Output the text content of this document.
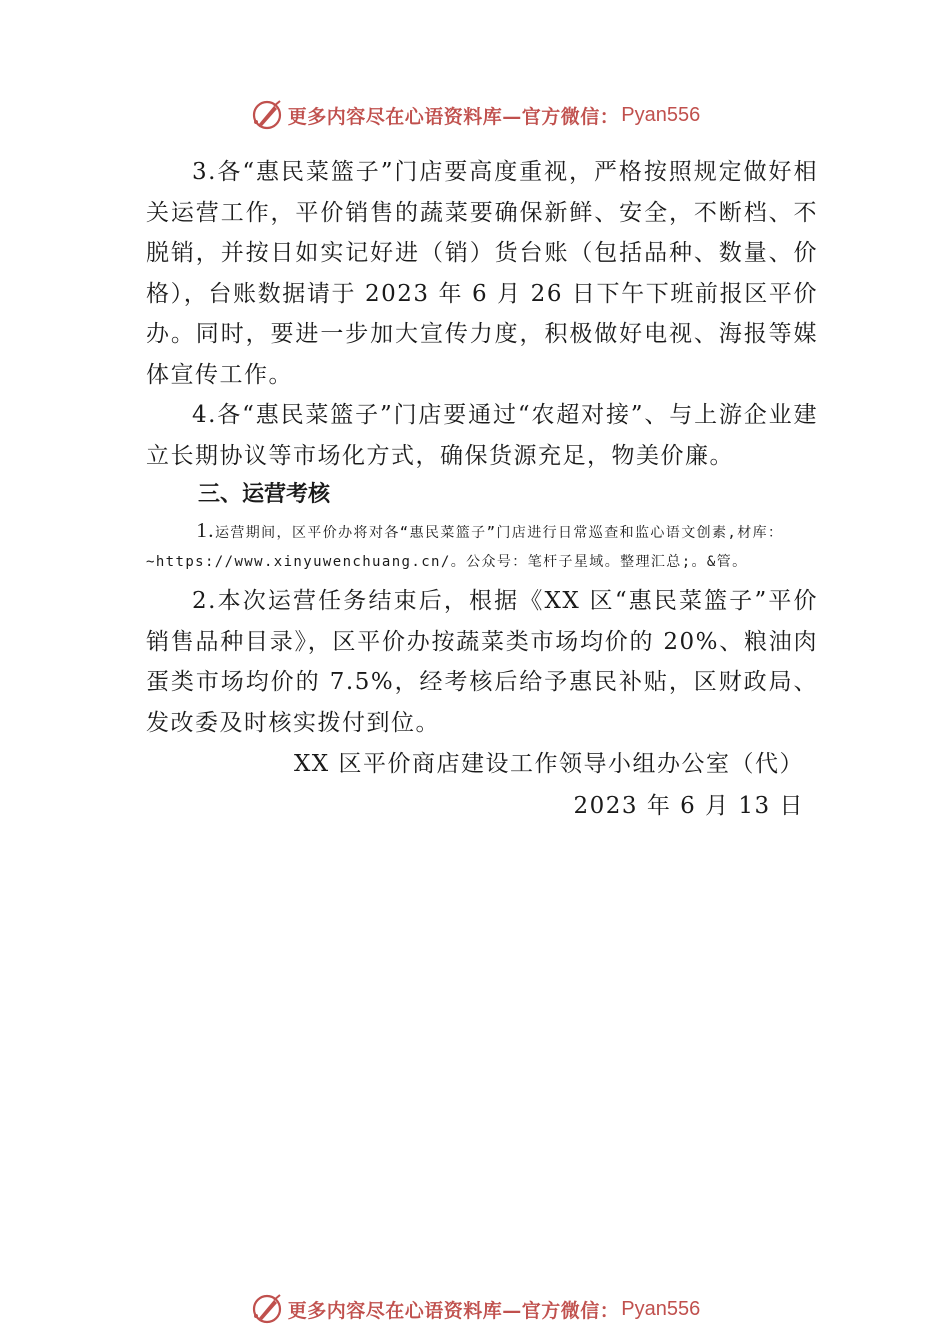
更多内容尽在心语资料库—官方微信： Pyan556

3.各“惠民菜篮子”门店要高度重视，严格按照规定做好相关运营工作，平价销售的蔬菜要确保新鲜、安全，不断档、不脱销，并按日如实记好进（销）货台账（包括品种、数量、价格），台账数据请于 2023 年 6 月 26 日下午下班前报区平价办。同时，要进一步加大宣传力度，积极做好电视、海报等媒体宣传工作。

4.各“惠民菜篮子”门店要通过“农超对接”、与上游企业建立长期协议等市场化方式，确保货源充足，物美价廉。

三、运营考核

1.运营期间，区平价办将对各“惠民菜篮子”门店进行日常巡查和监心语文创素,材库：~https://www.xinyuwenchuang.cn/。公众号：笔杆子星域。整理汇总;。&管。

2.本次运营任务结束后，根据《XX 区“惠民菜篮子”平价销售品种目录》，区平价办按蔬菜类市场均价的 20%、粮油肉蛋类市场均价的 7.5%，经考核后给予惠民补贴，区财政局、发改委及时核实拨付到位。

XX 区平价商店建设工作领导小组办公室（代）

2023 年 6 月 13 日

更多内容尽在心语资料库—官方微信： Pyan556
